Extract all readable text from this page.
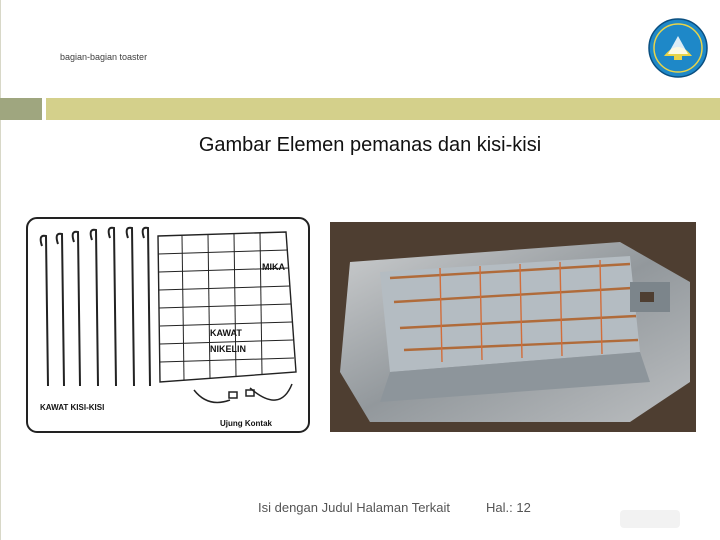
bagian-bagian toaster
Gambar Elemen pemanas dan kisi-kisi
MIKA
KAWAT
NIKELIN
KAWAT KISI-KISI
Ujung Kontak
Isi dengan Judul Halaman Terkait	Hal.: 12
